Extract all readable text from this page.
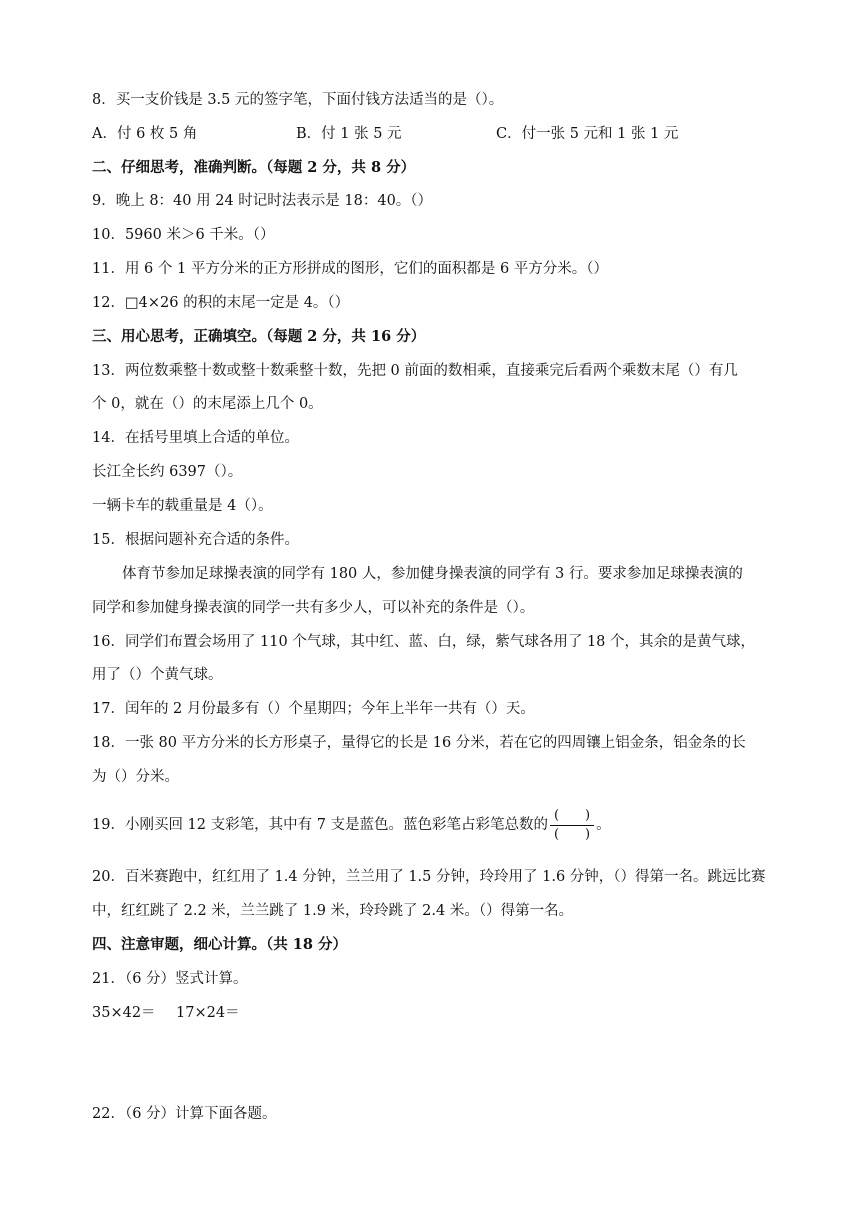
8．买一支价钱是 3.5 元的签字笔，下面付钱方法适当的是（）。
A．付 6 枚 5 角	B．付 1 张 5 元	C．付一张 5 元和 1 张 1 元
二、仔细思考，准确判断。（每题 2 分，共 8 分）
9．晚上 8：40 用 24 时记时法表示是 18：40。（）
10．5960 米＞6 千米。（）
11．用 6 个 1 平方分米的正方形拼成的图形，它们的面积都是 6 平方分米。（）
12．□4×26 的积的末尾一定是 4。（）
三、用心思考，正确填空。（每题 2 分，共 16 分）
13．两位数乘整十数或整十数乘整十数，先把 0 前面的数相乘，直接乘完后看两个乘数末尾（）有几
个 0，就在（）的末尾添上几个 0。
14．在括号里填上合适的单位。
长江全长约 6397（）。
一辆卡车的载重量是 4（）。
15．根据问题补充合适的条件。
体育节参加足球操表演的同学有 180 人，参加健身操表演的同学有 3 行。要求参加足球操表演的
同学和参加健身操表演的同学一共有多少人，可以补充的条件是（）。
16．同学们布置会场用了 110 个气球，其中红、蓝、白，绿，紫气球各用了 18 个，其余的是黄气球，
用了（）个黄气球。
17．闰年的 2 月份最多有（）个星期四；今年上半年一共有（）天。
18．一张 80 平方分米的长方形桌子，量得它的长是 16 分米，若在它的四周镶上铝金条，铝金条的长
为（）分米。
19．小刚买回 12 支彩笔，其中有 7 支是蓝色。蓝色彩笔占彩笔总数的 $\frac{( )}{( )}$ 。
20．百米赛跑中，红红用了 1.4 分钟，兰兰用了 1.5 分钟，玲玲用了 1.6 分钟，（）得第一名。跳远比赛
中，红红跳了 2.2 米，兰兰跳了 1.9 米，玲玲跳了 2.4 米。（）得第一名。
四、注意审题，细心计算。（共 18 分）
21．（6 分）竖式计算。
35×42＝ 17×24＝
22．（6 分）计算下面各题。
